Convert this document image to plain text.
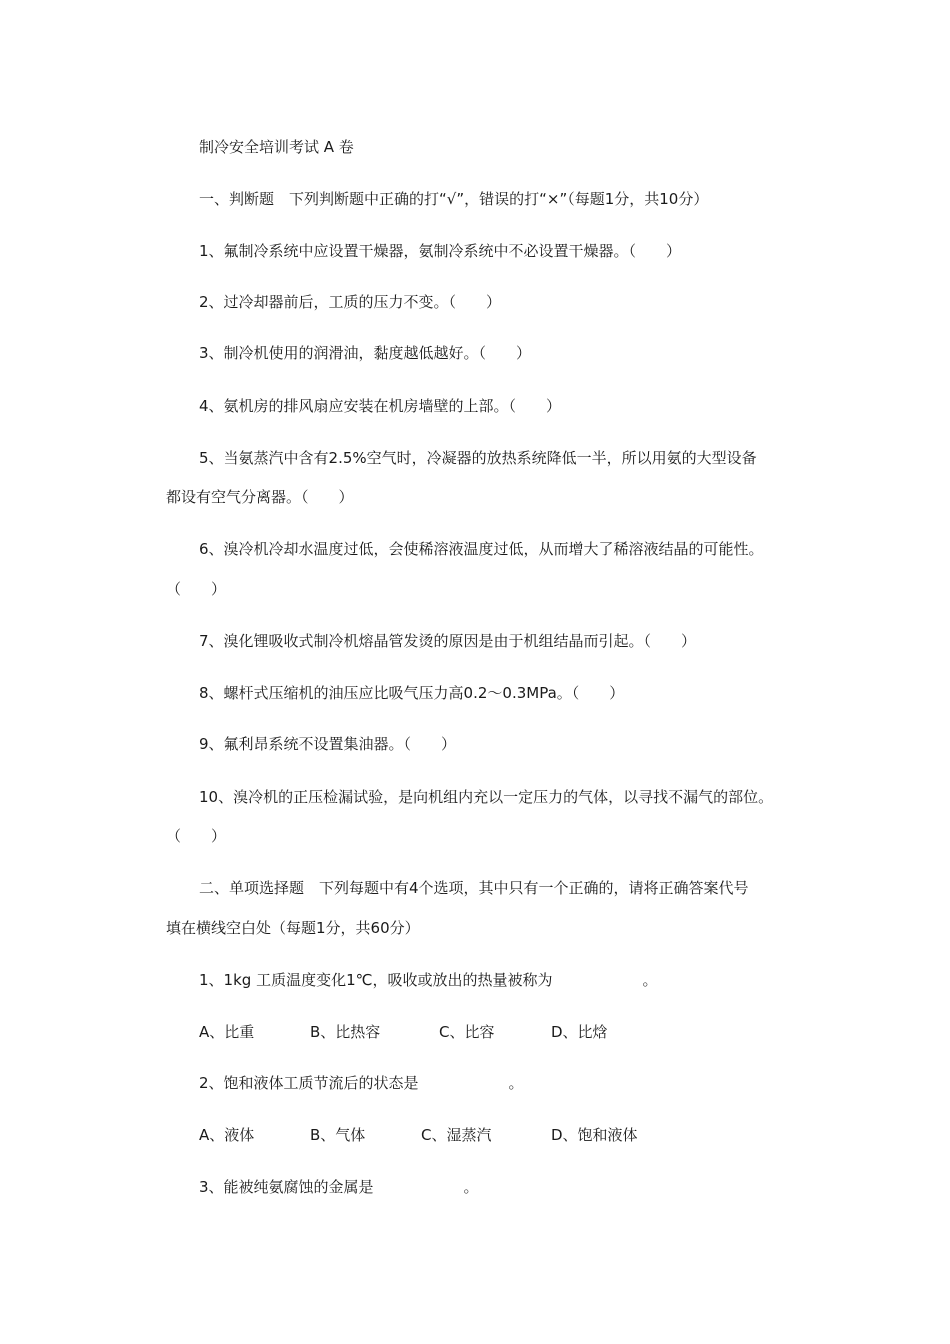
制冷安全培训考试 A 卷
一、判断题　下列判断题中正确的打“√”，错误的打“×”（每题1分，共10分）
1、氟制冷系统中应设置干燥器，氨制冷系统中不必设置干燥器。（　　）
2、过冷却器前后，工质的压力不变。（　　）
3、制冷机使用的润滑油，黏度越低越好。（　　）
4、氨机房的排风扇应安装在机房墙壁的上部。（　　）
5、当氨蒸汽中含有2.5%空气时，冷凝器的放热系统降低一半，所以用氨的大型设备
都设有空气分离器。（　　）
6、溴冷机冷却水温度过低，会使稀溶液温度过低，从而增大了稀溶液结晶的可能性。
（　　）
7、溴化锂吸收式制冷机熔晶管发烫的原因是由于机组结晶而引起。（　　）
8、螺杆式压缩机的油压应比吸气压力高0.2～0.3MPa。（　　）
9、氟利昂系统不设置集油器。（　　）
10、溴冷机的正压检漏试验，是向机组内充以一定压力的气体，以寻找不漏气的部位。
（　　）
二、单项选择题　下列每题中有4个选项，其中只有一个正确的，请将正确答案代号
填在横线空白处（每题1分，共60分）
1、1kg 工质温度变化1℃，吸收或放出的热量被称为　　　　　　。
A、比重	B、比热容	C、比容	D、比焓
2、饱和液体工质节流后的状态是　　　　　　。
A、液体	B、气体	C、湿蒸汽	D、饱和液体
3、能被纯氨腐蚀的金属是　　　　　　。
